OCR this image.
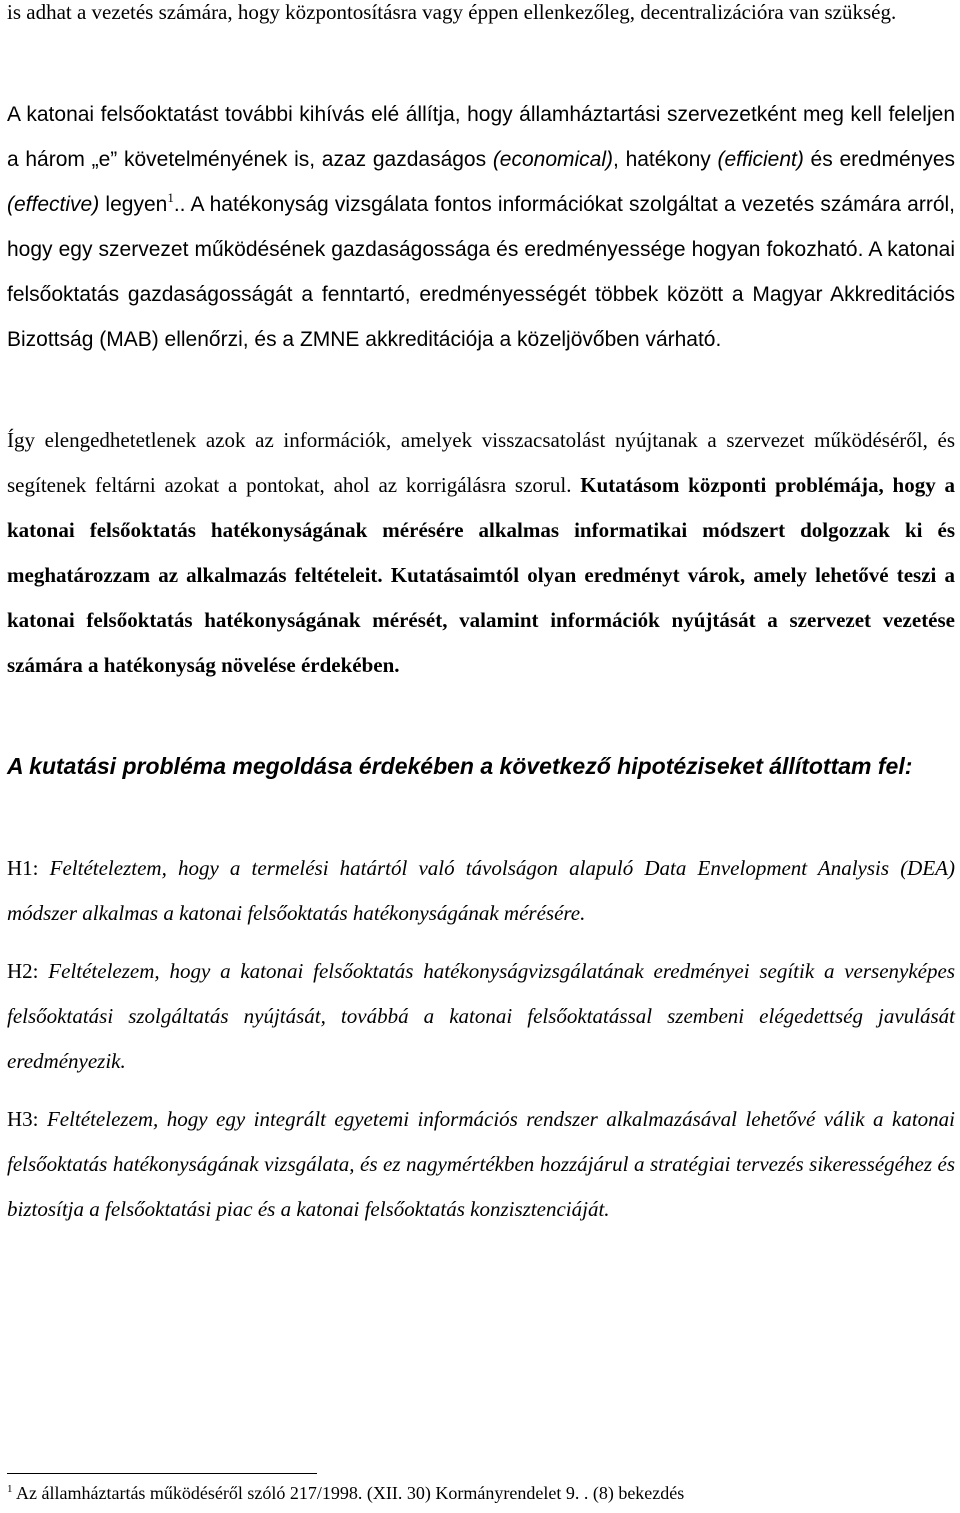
is adhat a vezetés számára, hogy központosításra vagy éppen ellenkezőleg, decentralizációra van szükség.

A katonai felsőoktatást további kihívás elé állítja, hogy államháztartási szervezetként meg kell feleljen a három „e” követelményének is, azaz gazdaságos (economical), hatékony (efficient) és eredményes (effective) legyen$^1$.. A hatékonyság vizsgálata fontos információkat szolgáltat a vezetés számára arról, hogy egy szervezet működésének gazdaságossága és eredményessége hogyan fokozható. A katonai felsőoktatás gazdaságosságát a fenntartó, eredményességét többek között a Magyar Akkreditációs Bizottság (MAB) ellenőrzi, és a ZMNE akkreditációja a közeljövőben várható.

Így elengedhetetlenek azok az információk, amelyek visszacsatolást nyújtanak a szervezet működéséről, és segítenek feltárni azokat a pontokat, ahol az korrigálásra szorul. Kutatásom központi problémája, hogy a katonai felsőoktatás hatékonyságának mérésére alkalmas informatikai módszert dolgozzak ki és meghatározzam az alkalmazás feltételeit. Kutatásaimtól olyan eredményt várok, amely lehetővé teszi a katonai felsőoktatás hatékonyságának mérését, valamint információk nyújtását a szervezet vezetése számára a hatékonyság növelése érdekében.

A kutatási probléma megoldása érdekében a következő hipotéziseket állítottam fel:

H1: Feltételeztem, hogy a termelési határtól való távolságon alapuló Data Envelopment Analysis (DEA) módszer alkalmas a katonai felsőoktatás hatékonyságának mérésére.

H2: Feltételezem, hogy a katonai felsőoktatás hatékonyságvizsgálatának eredményei segítik a versenyképes felsőoktatási szolgáltatás nyújtását, továbbá a katonai felsőoktatással szembeni elégedettség javulását eredményezik.

H3: Feltételezem, hogy egy integrált egyetemi információs rendszer alkalmazásával lehetővé válik a katonai felsőoktatás hatékonyságának vizsgálata, és ez nagymértékben hozzájárul a stratégiai tervezés sikerességéhez és biztosítja a felsőoktatási piac és a katonai felsőoktatás konzisztenciáját.

$^1$ Az államháztartás működéséről szóló 217/1998. (XII. 30) Kormányrendelet 9. . (8) bekezdés
